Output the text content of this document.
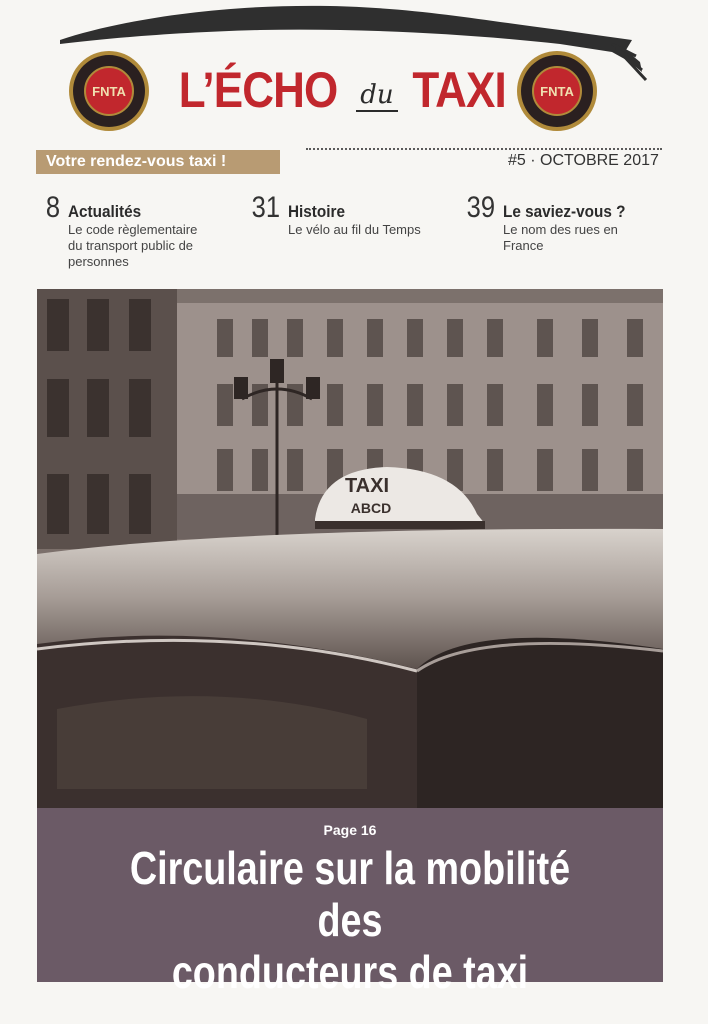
FNTA L’ÉCHO du TAXI	FNTA
Votre rendez-vous taxi !	#5 · OCTOBRE 2017
8 Actualités
Le code règlementaire
du transport public de
personnes
31 Histoire
Le vélo au fil du Temps
39 Le saviez-vous ?
Le nom des rues en
France
TAXI
ABCD
Page 16
Circulaire sur la mobilité des
conducteurs de taxi
